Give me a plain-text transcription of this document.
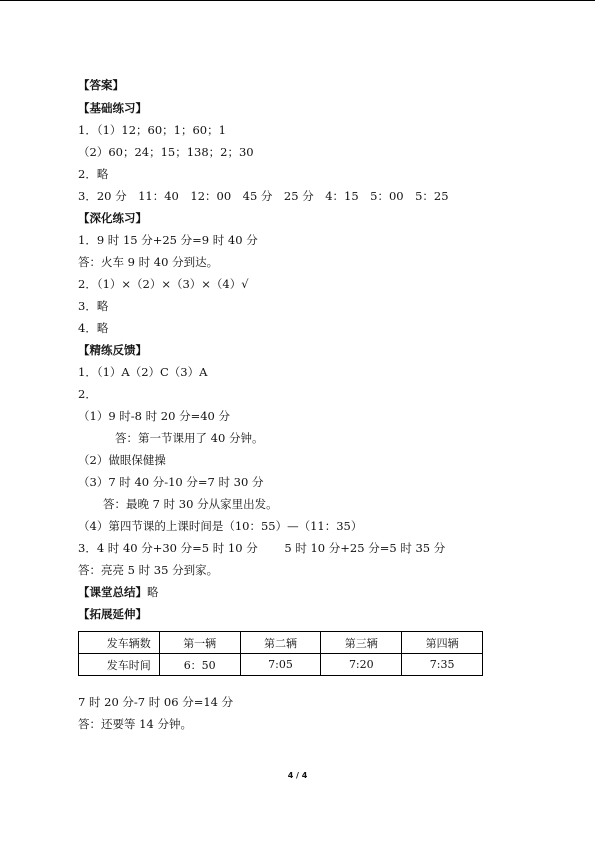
【答案】
【基础练习】
1．（1）12；60；1；60；1
（2）60；24；15；138；2；30
2．略
3．20 分　11：40　12：00　45 分　25 分　4：15　5：00　5：25
【深化练习】
1．9 时 15 分+25 分=9 时 40 分
答：火车 9 时 40 分到达。
2．（1）×（2）×（3）×（4）√
3．略
4．略
【精练反馈】
1．（1）A（2）C（3）A
2．
（1）9 时-8 时 20 分=40 分
答：第一节课用了 40 分钟。
（2）做眼保健操
（3）7 时 40 分-10 分=7 时 30 分
答：最晚 7 时 30 分从家里出发。
（4）第四节课的上课时间是（10：55）—（11：35）
3．4 时 40 分+30 分=5 时 10 分　　 5 时 10 分+25 分=5 时 35 分
答：亮亮 5 时 35 分到家。
【课堂总结】略
【拓展延伸】
发车辆数	第一辆	第二辆	第三辆	第四辆
发车时间	6：50	7:05	7:20	7:35
7 时 20 分-7 时 06 分=14 分
答：还要等 14 分钟。
4 / 4
